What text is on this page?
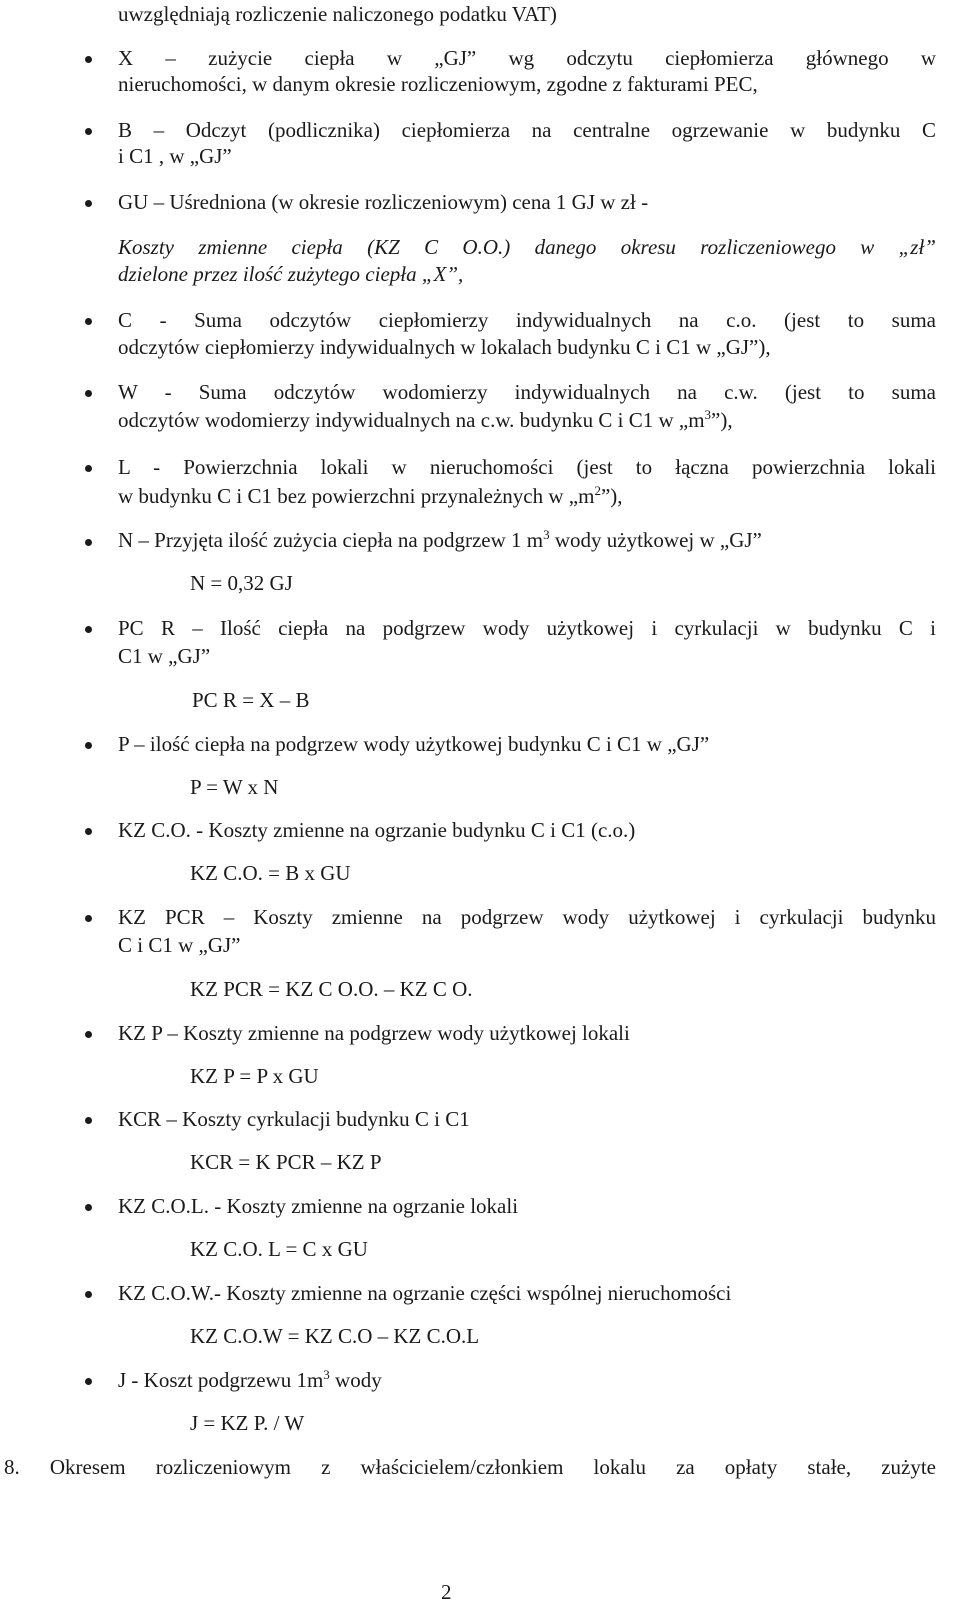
uwzględniają rozliczenie naliczonego podatku VAT)
X – zużycie ciepła w „GJ” wg odczytu ciepłomierza głównego w
nieruchomości, w danym okresie rozliczeniowym, zgodne z fakturami PEC,
B – Odczyt (podlicznika) ciepłomierza na centralne ogrzewanie w budynku C
i C1 , w „GJ”
GU – Uśredniona (w okresie rozliczeniowym) cena 1 GJ w zł -
Koszty zmienne ciepła (KZ C O.O.) danego okresu rozliczeniowego w „zł”
dzielone przez ilość zużytego ciepła „X”,
C - Suma odczytów ciepłomierzy indywidualnych na c.o. (jest to suma
odczytów ciepłomierzy indywidualnych w lokalach budynku C i C1 w „GJ”),
W - Suma odczytów wodomierzy indywidualnych na c.w. (jest to suma
odczytów wodomierzy indywidualnych na c.w. budynku C i C1 w $„m^3$”),
L - Powierzchnia lokali w nieruchomości (jest to łączna powierzchnia lokali
w budynku C i C1 bez powierzchni przynależnych w $„m^2$”),
N – Przyjęta ilość zużycia ciepła na podgrzew 1 $m^3$ wody użytkowej w „GJ”
N = 0,32 GJ
PC R – Ilość ciepła na podgrzew wody użytkowej i cyrkulacji w budynku C i
C1 w „GJ”
PC R = X – B
P – ilość ciepła na podgrzew wody użytkowej budynku C i C1 w „GJ”
P = W x N
KZ C.O. - Koszty zmienne na ogrzanie budynku C i C1 (c.o.)
KZ C.O. = B x GU
KZ PCR – Koszty zmienne na podgrzew wody użytkowej i cyrkulacji budynku
C i C1 w „GJ”
KZ PCR = KZ C O.O. – KZ C O.
KZ P – Koszty zmienne na podgrzew wody użytkowej lokali
KZ P = P x GU
KCR – Koszty cyrkulacji budynku C i C1
KCR = K PCR – KZ P
KZ C.O.L. - Koszty zmienne na ogrzanie lokali
KZ C.O. L = C x GU
KZ C.O.W.- Koszty zmienne na ogrzanie części wspólnej nieruchomości
KZ C.O.W = KZ C.O – KZ C.O.L
J - Koszt podgrzewu $1m^3$ wody
J = KZ P. / W
8. Okresem rozliczeniowym z właścicielem/członkiem lokalu za opłaty stałe, zużyte
2
